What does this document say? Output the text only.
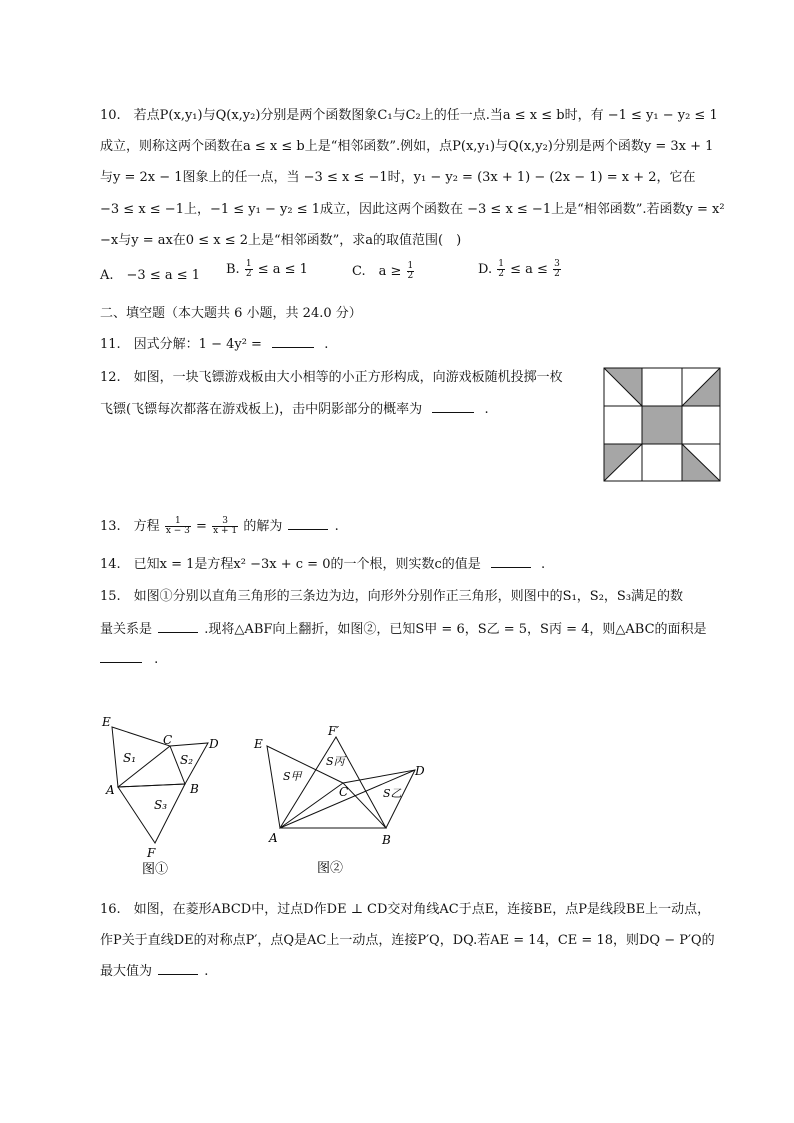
10.　若点P(x,y₁)与Q(x,y₂)分别是两个函数图象C₁与C₂上的任一点.当a ≤ x ≤ b时，有 −1 ≤ y₁ − y₂ ≤ 1
成立，则称这两个函数在a ≤ x ≤ b上是“相邻函数”.例如，点P(x,y₁)与Q(x,y₂)分别是两个函数y = 3x + 1
与y = 2x − 1图象上的任一点，当 −3 ≤ x ≤ −1时，y₁ − y₂ = (3x + 1) − (2x − 1) = x + 2，它在
−3 ≤ x ≤ −1上，−1 ≤ y₁ − y₂ ≤ 1成立，因此这两个函数在 −3 ≤ x ≤ −1上是“相邻函数”.若函数y = x²
−x与y = ax在0 ≤ x ≤ 2上是“相邻函数”，求a的取值范围(　)
A.　−3 ≤ a ≤ 1 B. $\frac{1}{2} \le a \le 1$	C.　$a \ge \frac{1}{2}$	D. $\frac{1}{2} \le a \le \frac{3}{2}$
二、填空题（本大题共 6 小题，共 24.0 分）
11.　因式分解：1 − 4y² =	.
12.　如图，一块飞镖游戏板由大小相等的小正方形构成，向游戏板随机投掷一枚
飞镖(飞镖每次都落在游戏板上)，击中阴影部分的概率为	.
13.　方程 $\frac{1}{x - 3} = \frac{3}{x + 1}$ 的解为	.
14.　已知x = 1是方程x² −3x + c = 0的一个根，则实数c的值是	.
15.　如图①分别以直角三角形的三条边为边，向形外分别作正三角形，则图中的S₁，S₂，S₃满足的数
量关系是	.现将△ABF向上翻折，如图②，已知S甲 = 6，S乙 = 5，S丙 = 4，则△ABC的面积是
.
E
C	D
A	B
F
S₁	S₂
S₃
图①
E
F′
D
C
A	B
S丙
S甲
S乙
图②
16.　如图，在菱形ABCD中，过点D作DE ⊥ CD交对角线AC于点E，连接BE，点P是线段BE上一动点，
作P关于直线DE的对称点P′，点Q是AC上一动点，连接P′Q，DQ.若AE = 14，CE = 18，则DQ − P′Q的
最大值为	.
